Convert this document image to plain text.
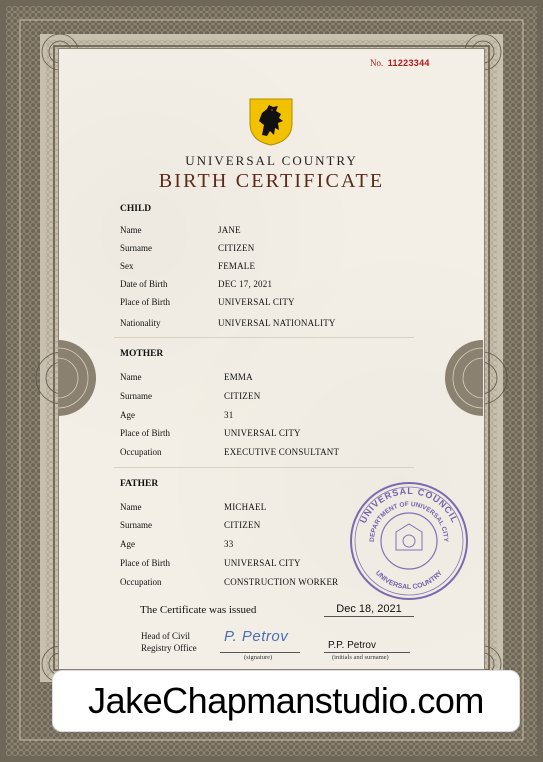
No. 11223344
UNIVERSAL COUNTRY
BIRTH CERTIFICATE
CHILD
Name	JANE
Surname	CITIZEN
Sex	FEMALE
Date of Birth	DEC 17, 2021
Place of Birth	UNIVERSAL CITY
Nationality	UNIVERSAL NATIONALITY
MOTHER
Name	EMMA
Surname	CITIZEN
Age	31
Place of Birth	UNIVERSAL CITY
Occupation	EXECUTIVE CONSULTANT
FATHER
Name	MICHAEL
Surname	CITIZEN
Age	33
Place of Birth	UNIVERSAL CITY
Occupation	CONSTRUCTION WORKER
UNIVERSAL COUNCIL
DEPARTMENT OF UNIVERSAL CITY
UNIVERSAL COUNTRY
The Certificate was issued	Dec 18, 2021
Head of Civil
Registry Office
P. Petrov
(signature)
P.P. Petrov
(initials and surname)
JakeChapmanstudio.com
